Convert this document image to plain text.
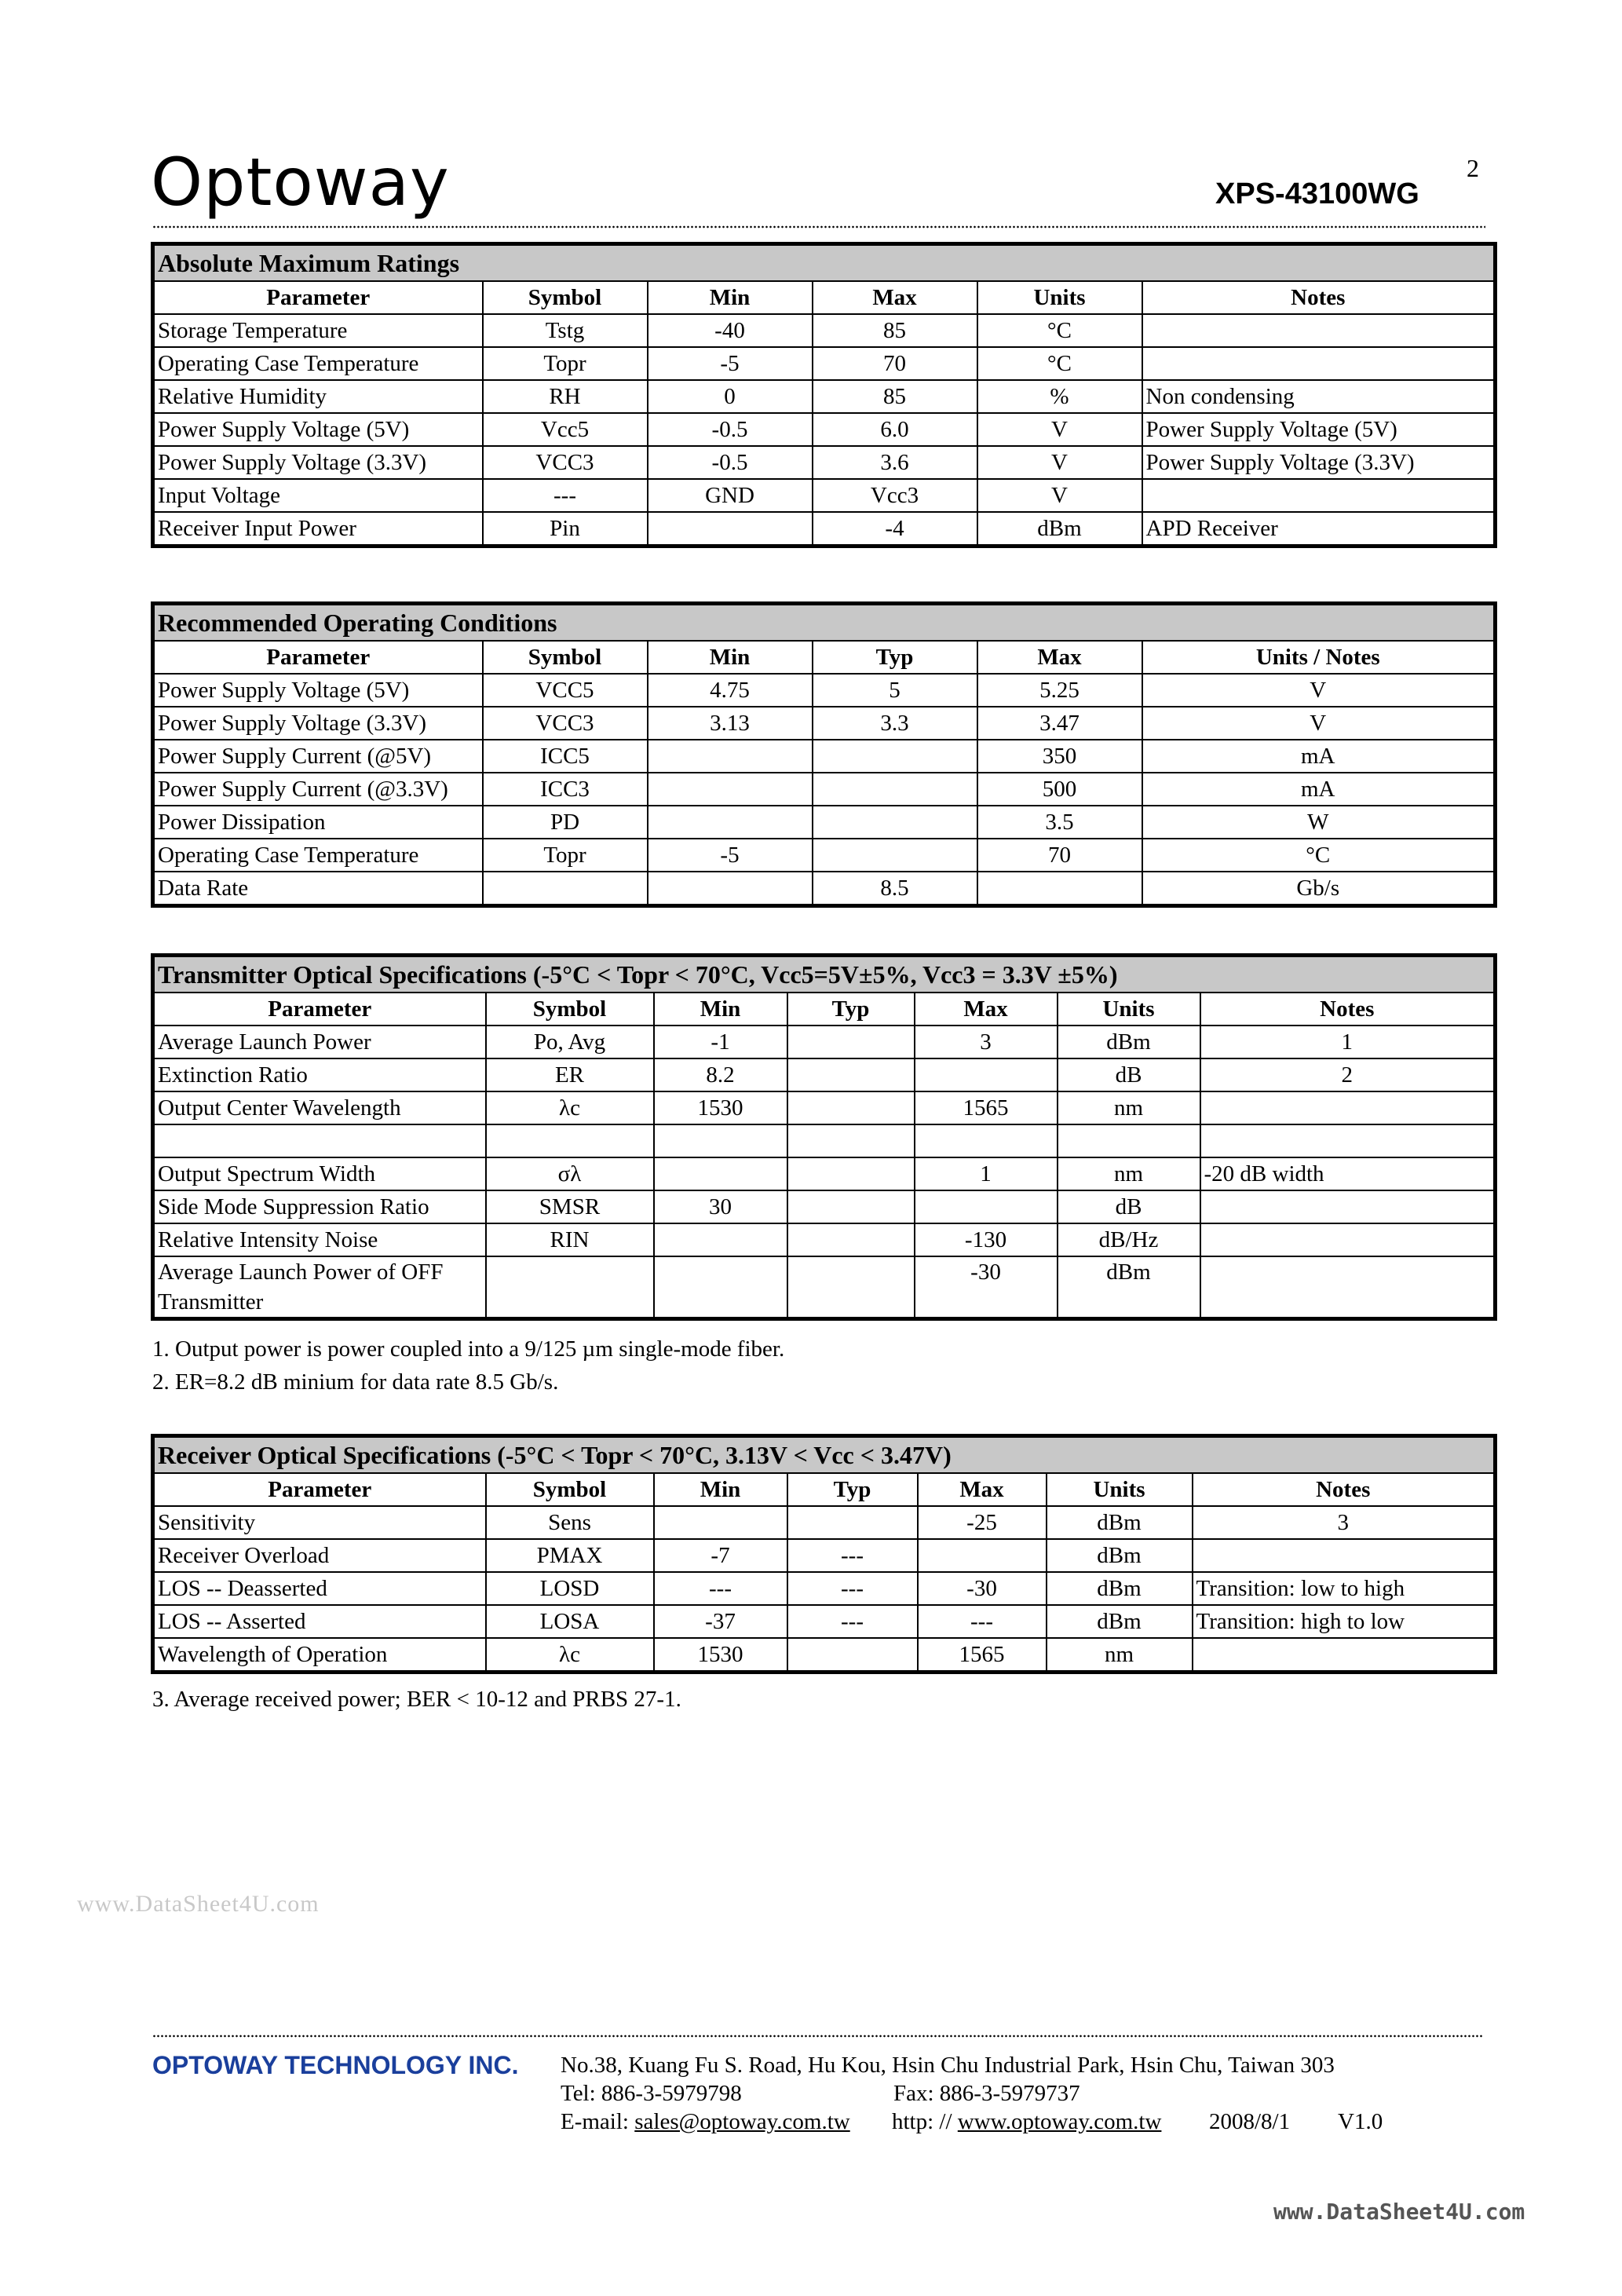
Optoway	2
XPS-43100WG
Absolute Maximum Ratings					
Parameter	Symbol	Min	Max	Units	Notes
Storage Temperature	Tstg	-40	85	°C	
Operating Case Temperature	Topr	-5	70	°C	
Relative Humidity	RH	0	85	%	Non condensing
Power Supply Voltage (5V)	Vcc5	-0.5	6.0	V	Power Supply Voltage (5V)
Power Supply Voltage (3.3V)	VCC3	-0.5	3.6	V	Power Supply Voltage (3.3V)
Input Voltage	---	GND	Vcc3	V	
Receiver Input Power	Pin		-4	dBm	APD Receiver
Recommended Operating Conditions					
Parameter	Symbol	Min	Typ	Max	Units / Notes
Power Supply Voltage (5V)	VCC5	4.75	5	5.25	V
Power Supply Voltage (3.3V)	VCC3	3.13	3.3	3.47	V
Power Supply Current (@5V)	ICC5			350	mA
Power Supply Current (@3.3V)	ICC3			500	mA
Power Dissipation	PD			3.5	W
Operating Case Temperature	Topr	-5		70	°C
Data Rate			8.5		Gb/s
Transmitter Optical Specifications (-5°C < Topr < 70°C, Vcc5=5V±5%, Vcc3 = 3.3V ±5%)						
Parameter	Symbol	Min	Typ	Max	Units	Notes
Average Launch Power	Po, Avg	-1		3	dBm	1
Extinction Ratio	ER	8.2			dB	2
Output Center Wavelength	λc	1530		1565	nm	

Output Spectrum Width	σλ			1	nm	-20 dB width
Side Mode Suppression Ratio	SMSR	30			dB	
Relative Intensity Noise	RIN			-130	dB/Hz	
Average Launch Power of OFF Transmitter				-30	dBm	
1. Output power is power coupled into a 9/125 µm single-mode fiber.
2. ER=8.2 dB minium for data rate 8.5 Gb/s.
Receiver Optical Specifications (-5°C < Topr < 70°C, 3.13V < Vcc < 3.47V)						
Parameter	Symbol	Min	Typ	Max	Units	Notes
Sensitivity	Sens			-25	dBm	3
Receiver Overload	PMAX	-7	---		dBm	
LOS -- Deasserted	LOSD	---	---	-30	dBm	Transition: low to high
LOS -- Asserted	LOSA	-37	---	---	dBm	Transition: high to low
Wavelength of Operation	λc	1530		1565	nm	
3. Average received power; BER < 10-12 and PRBS 27-1.
www.DataSheet4U.com
OPTOWAY TECHNOLOGY INC. No.38, Kuang Fu S. Road, Hu Kou, Hsin Chu Industrial Park, Hsin Chu, Taiwan 303
Tel: 886-3-5979798	Fax: 886-3-5979737
E-mail: sales@optoway.com.tw http: // www.optoway.com.tw 2008/8/1 V1.0
www.DataSheet4U.com
